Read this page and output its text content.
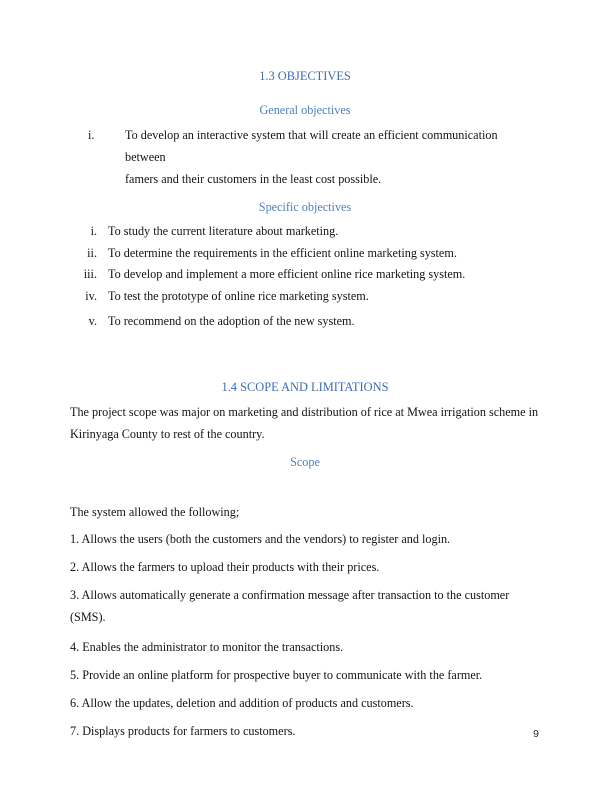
1.3 OBJECTIVES
General objectives
i.	To develop an interactive system that will create an efficient communication between
famers and their customers in the least cost possible.
Specific objectives
i. To study the current literature about marketing.
ii. To determine the requirements in the efficient online marketing system.
iii. To develop and implement a more efficient online rice marketing system.
iv. To test the prototype of online rice marketing system.
v. To recommend on the adoption of the new system.
1.4 SCOPE AND LIMITATIONS
The project scope was major on marketing and distribution of rice at Mwea irrigation scheme in
Kirinyaga County to rest of the country.
Scope
The system allowed the following;
1. Allows the users (both the customers and the vendors) to register and login.
2. Allows the farmers to upload their products with their prices.
3. Allows automatically generate a confirmation message after transaction to the customer
(SMS).
4. Enables the administrator to monitor the transactions.
5. Provide an online platform for prospective buyer to communicate with the farmer.
6. Allow the updates, deletion and addition of products and customers.
7. Displays products for farmers to customers.	9
